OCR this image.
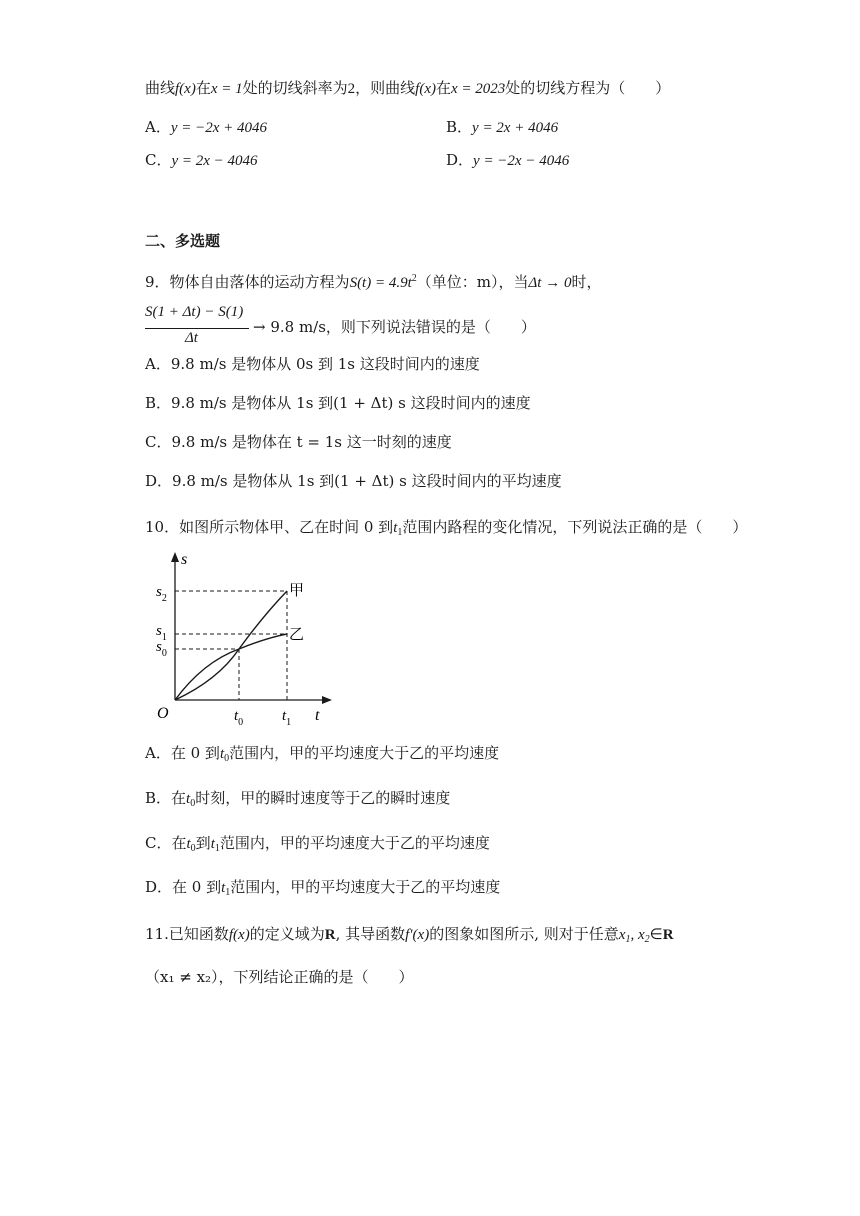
曲线f(x)在x = 1处的切线斜率为2，则曲线f(x)在x = 2023处的切线方程为（　　）
A．y = −2x + 4046	B．y = 2x + 4046
C．y = 2x − 4046	D．y = −2x − 4046
二、多选题
9．物体自由落体的运动方程为$S(t) = 4.9t^2$（单位：m），当Δt → 0时，
S(1 + Δt) − S(1)
Δt
→ 9.8 m/s，则下列说法错误的是（　　）
A．9.8 m/s 是物体从 0s 到 1s 这段时间内的速度
B．9.8 m/s 是物体从 1s 到(1 + Δt) s 这段时间内的速度
C．9.8 m/s 是物体在 t = 1s 这一时刻的速度
D．9.8 m/s 是物体从 1s 到(1 + Δt) s 这段时间内的平均速度
10．如图所示物体甲、乙在时间 0 到$t_1$范围内路程的变化情况，下列说法正确的是（　　）
s
$s_2$
$s_1$
$s_0$
O	$t_0$	$t_1$ t
甲
乙
A．在 0 到$t_0$范围内，甲的平均速度大于乙的平均速度
B．在$t_0$时刻，甲的瞬时速度等于乙的瞬时速度
C．在$t_0$到$t_1$范围内，甲的平均速度大于乙的平均速度
D．在 0 到$t_1$范围内，甲的平均速度大于乙的平均速度
11.已知函数f(x)的定义域为R, 其导函数f′(x)的图象如图所示, 则对于任意$x_1$, $x_2\in R$
（x₁ ≠ x₂），下列结论正确的是（　　）
